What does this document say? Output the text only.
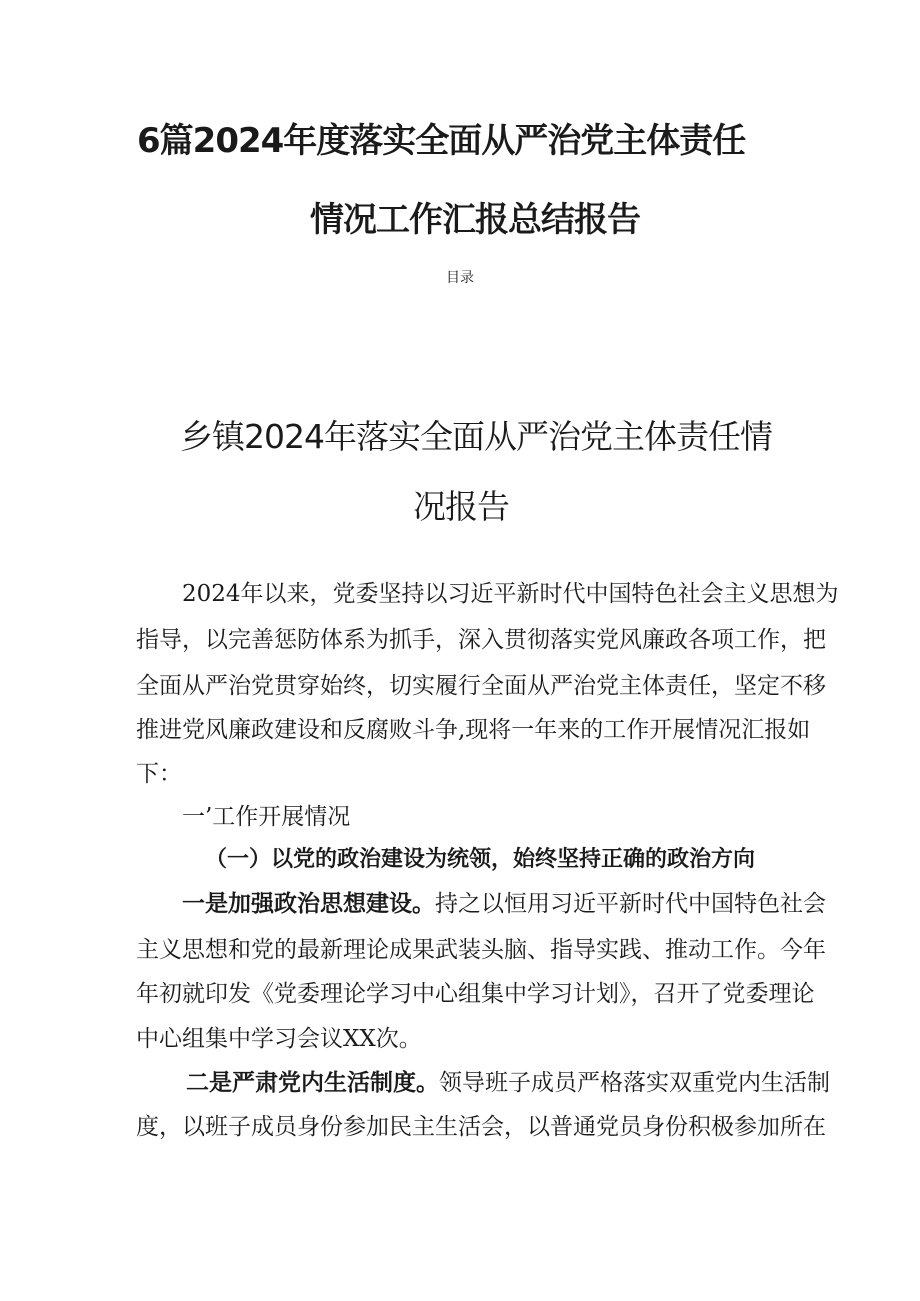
6篇2024年度落实全面从严治党主体责任
情况工作汇报总结报告
目录
乡镇2024年落实全面从严治党主体责任情
况报告
2024年以来，党委坚持以习近平新时代中国特色社会主义思想为
指导，以完善惩防体系为抓手，深入贯彻落实党风廉政各项工作，把
全面从严治党贯穿始终，切实履行全面从严治党主体责任，坚定不移
推进党风廉政建设和反腐败斗争,现将一年来的工作开展情况汇报如
下：
一’工作开展情况
（一）以党的政治建设为统领，始终坚持正确的政治方向
一是加强政治思想建设。持之以恒用习近平新时代中国特色社会
主义思想和党的最新理论成果武装头脑、指导实践、推动工作。今年
年初就印发《党委理论学习中心组集中学习计划》，召开了党委理论
中心组集中学习会议XX次。
二是严肃党内生活制度。领导班子成员严格落实双重党内生活制
度，以班子成员身份参加民主生活会，以普通党员身份积极参加所在
